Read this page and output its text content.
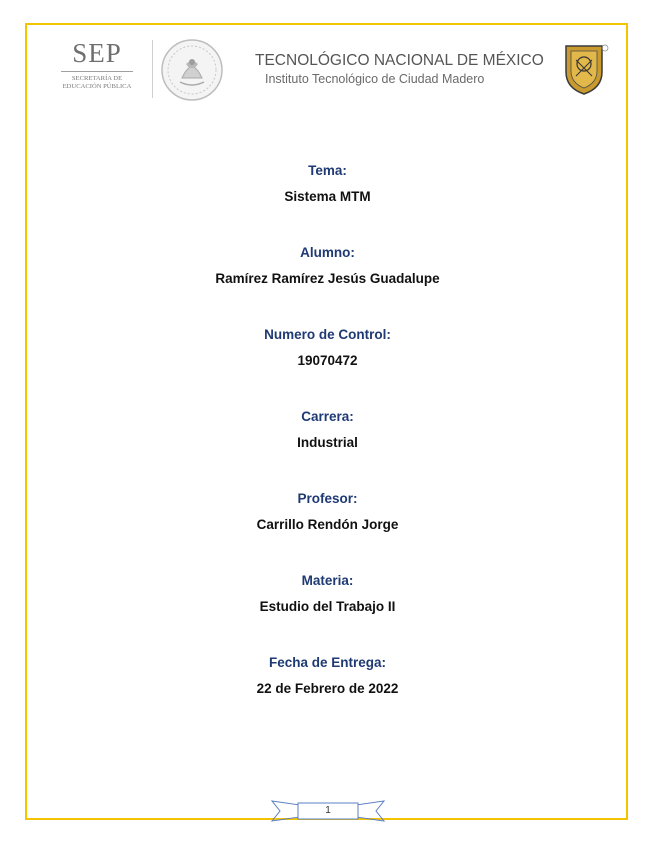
SEP
SECRETARÍA DE
EDUCACIÓN PÚBLICA
TECNOLÓGICO NACIONAL DE MÉXICO
Instituto Tecnológico de Ciudad Madero
Tema:
Sistema MTM
Alumno:
Ramírez Ramírez Jesús Guadalupe
Numero de Control:
19070472
Carrera:
Industrial
Profesor:
Carrillo Rendón Jorge
Materia:
Estudio del Trabajo II
Fecha de Entrega:
22 de Febrero de 2022
1
